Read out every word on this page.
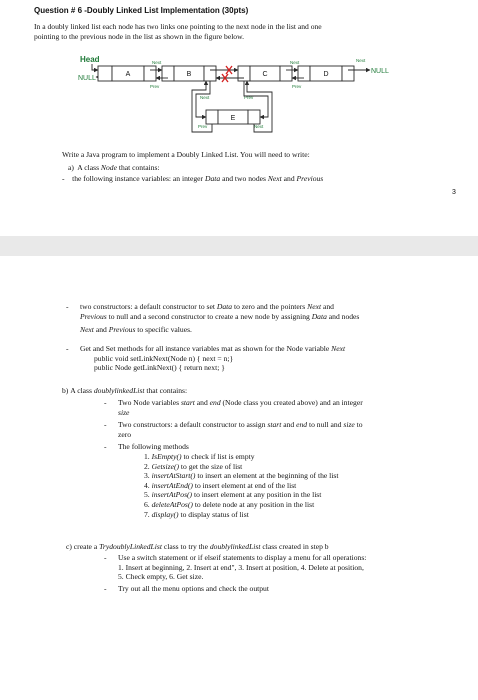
Question # 6 -Doubly Linked List Implementation (30pts)

In a doubly linked list each node has two links one pointing to the next node in the list and one
pointing to the previous node in the list as shown in the figure below.
Head
NULL
NULL
Next	Next	Next
Prev	Prev
Next	Prev
Prev	Next
A	B	C	D
E
Write a Java program to implement a Doubly Linked List. You will need to write:
a) A class Node that contains:
- the following instance variables: an integer Data and two nodes Next and Previous
3
- two constructors: a default constructor to set Data to zero and the pointers Next and
Previous to null and a second constructor to create a new node by assigning Data and nodes
Next and Previous to specific values.
- Get and Set methods for all instance variables mat as shown for the Node variable Next
public void setLinkNext(Node n) { next = n;}
public Node getLinkNext() { return next; }
b) A class doublylinkedList that contains:
- Two Node variables start and end (Node class you created above) and an integer
size
- Two constructors: a default constructor to assign start and end to null and size to
zero
- The following methods
1. IsEmpty() to check if list is empty
2. Getsize() to get the size of list
3. insertAtStart() to insert an element at the beginning of the list
4. insertAtEnd() to insert element at end of the list
5. insertAtPos() to insert element at any position in the list
6. deleteAtPos() to delete node at any position in the list
7. display() to display status of list
c) create a TrydoublyLinkedList class to try the doublylinkedList class created in step b
- Use a switch statement or if elseif statements to display a menu for all operations:
1. Insert at beginning, 2. Insert at end", 3. Insert at position, 4. Delete at position,
5. Check empty, 6. Get size.
- Try out all the menu options and check the output
